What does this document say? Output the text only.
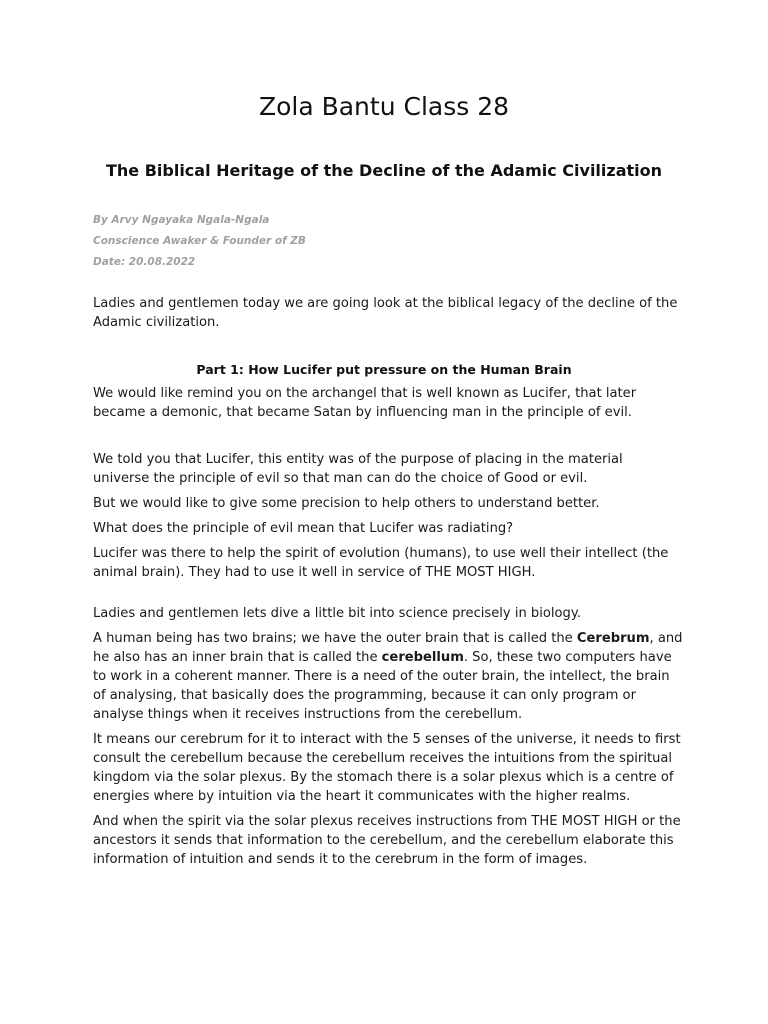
Zola Bantu Class 28
The Biblical Heritage of the Decline of the Adamic Civilization
By Arvy Ngayaka Ngala-Ngala
Conscience Awaker & Founder of ZB
Date: 20.08.2022

Ladies and gentlemen today we are going look at the biblical legacy of the decline of the Adamic civilization.

Part 1: How Lucifer put pressure on the Human Brain

We would like remind you on the archangel that is well known as Lucifer, that later became a demonic, that became Satan by influencing man in the principle of evil.

We told you that Lucifer, this entity was of the purpose of placing in the material universe the principle of evil so that man can do the choice of Good or evil.

But we would like to give some precision to help others to understand better.

What does the principle of evil mean that Lucifer was radiating?

Lucifer was there to help the spirit of evolution (humans), to use well their intellect (the animal brain). They had to use it well in service of THE MOST HIGH.

Ladies and gentlemen lets dive a little bit into science precisely in biology.

A human being has two brains; we have the outer brain that is called the Cerebrum, and he also has an inner brain that is called the cerebellum. So, these two computers have to work in a coherent manner. There is a need of the outer brain, the intellect, the brain of analysing, that basically does the programming, because it can only program or analyse things when it receives instructions from the cerebellum.

It means our cerebrum for it to interact with the 5 senses of the universe, it needs to first consult the cerebellum because the cerebellum receives the intuitions from the spiritual kingdom via the solar plexus. By the stomach there is a solar plexus which is a centre of energies where by intuition via the heart it communicates with the higher realms.

And when the spirit via the solar plexus receives instructions from THE MOST HIGH or the ancestors it sends that information to the cerebellum, and the cerebellum elaborate this information of intuition and sends it to the cerebrum in the form of images.
